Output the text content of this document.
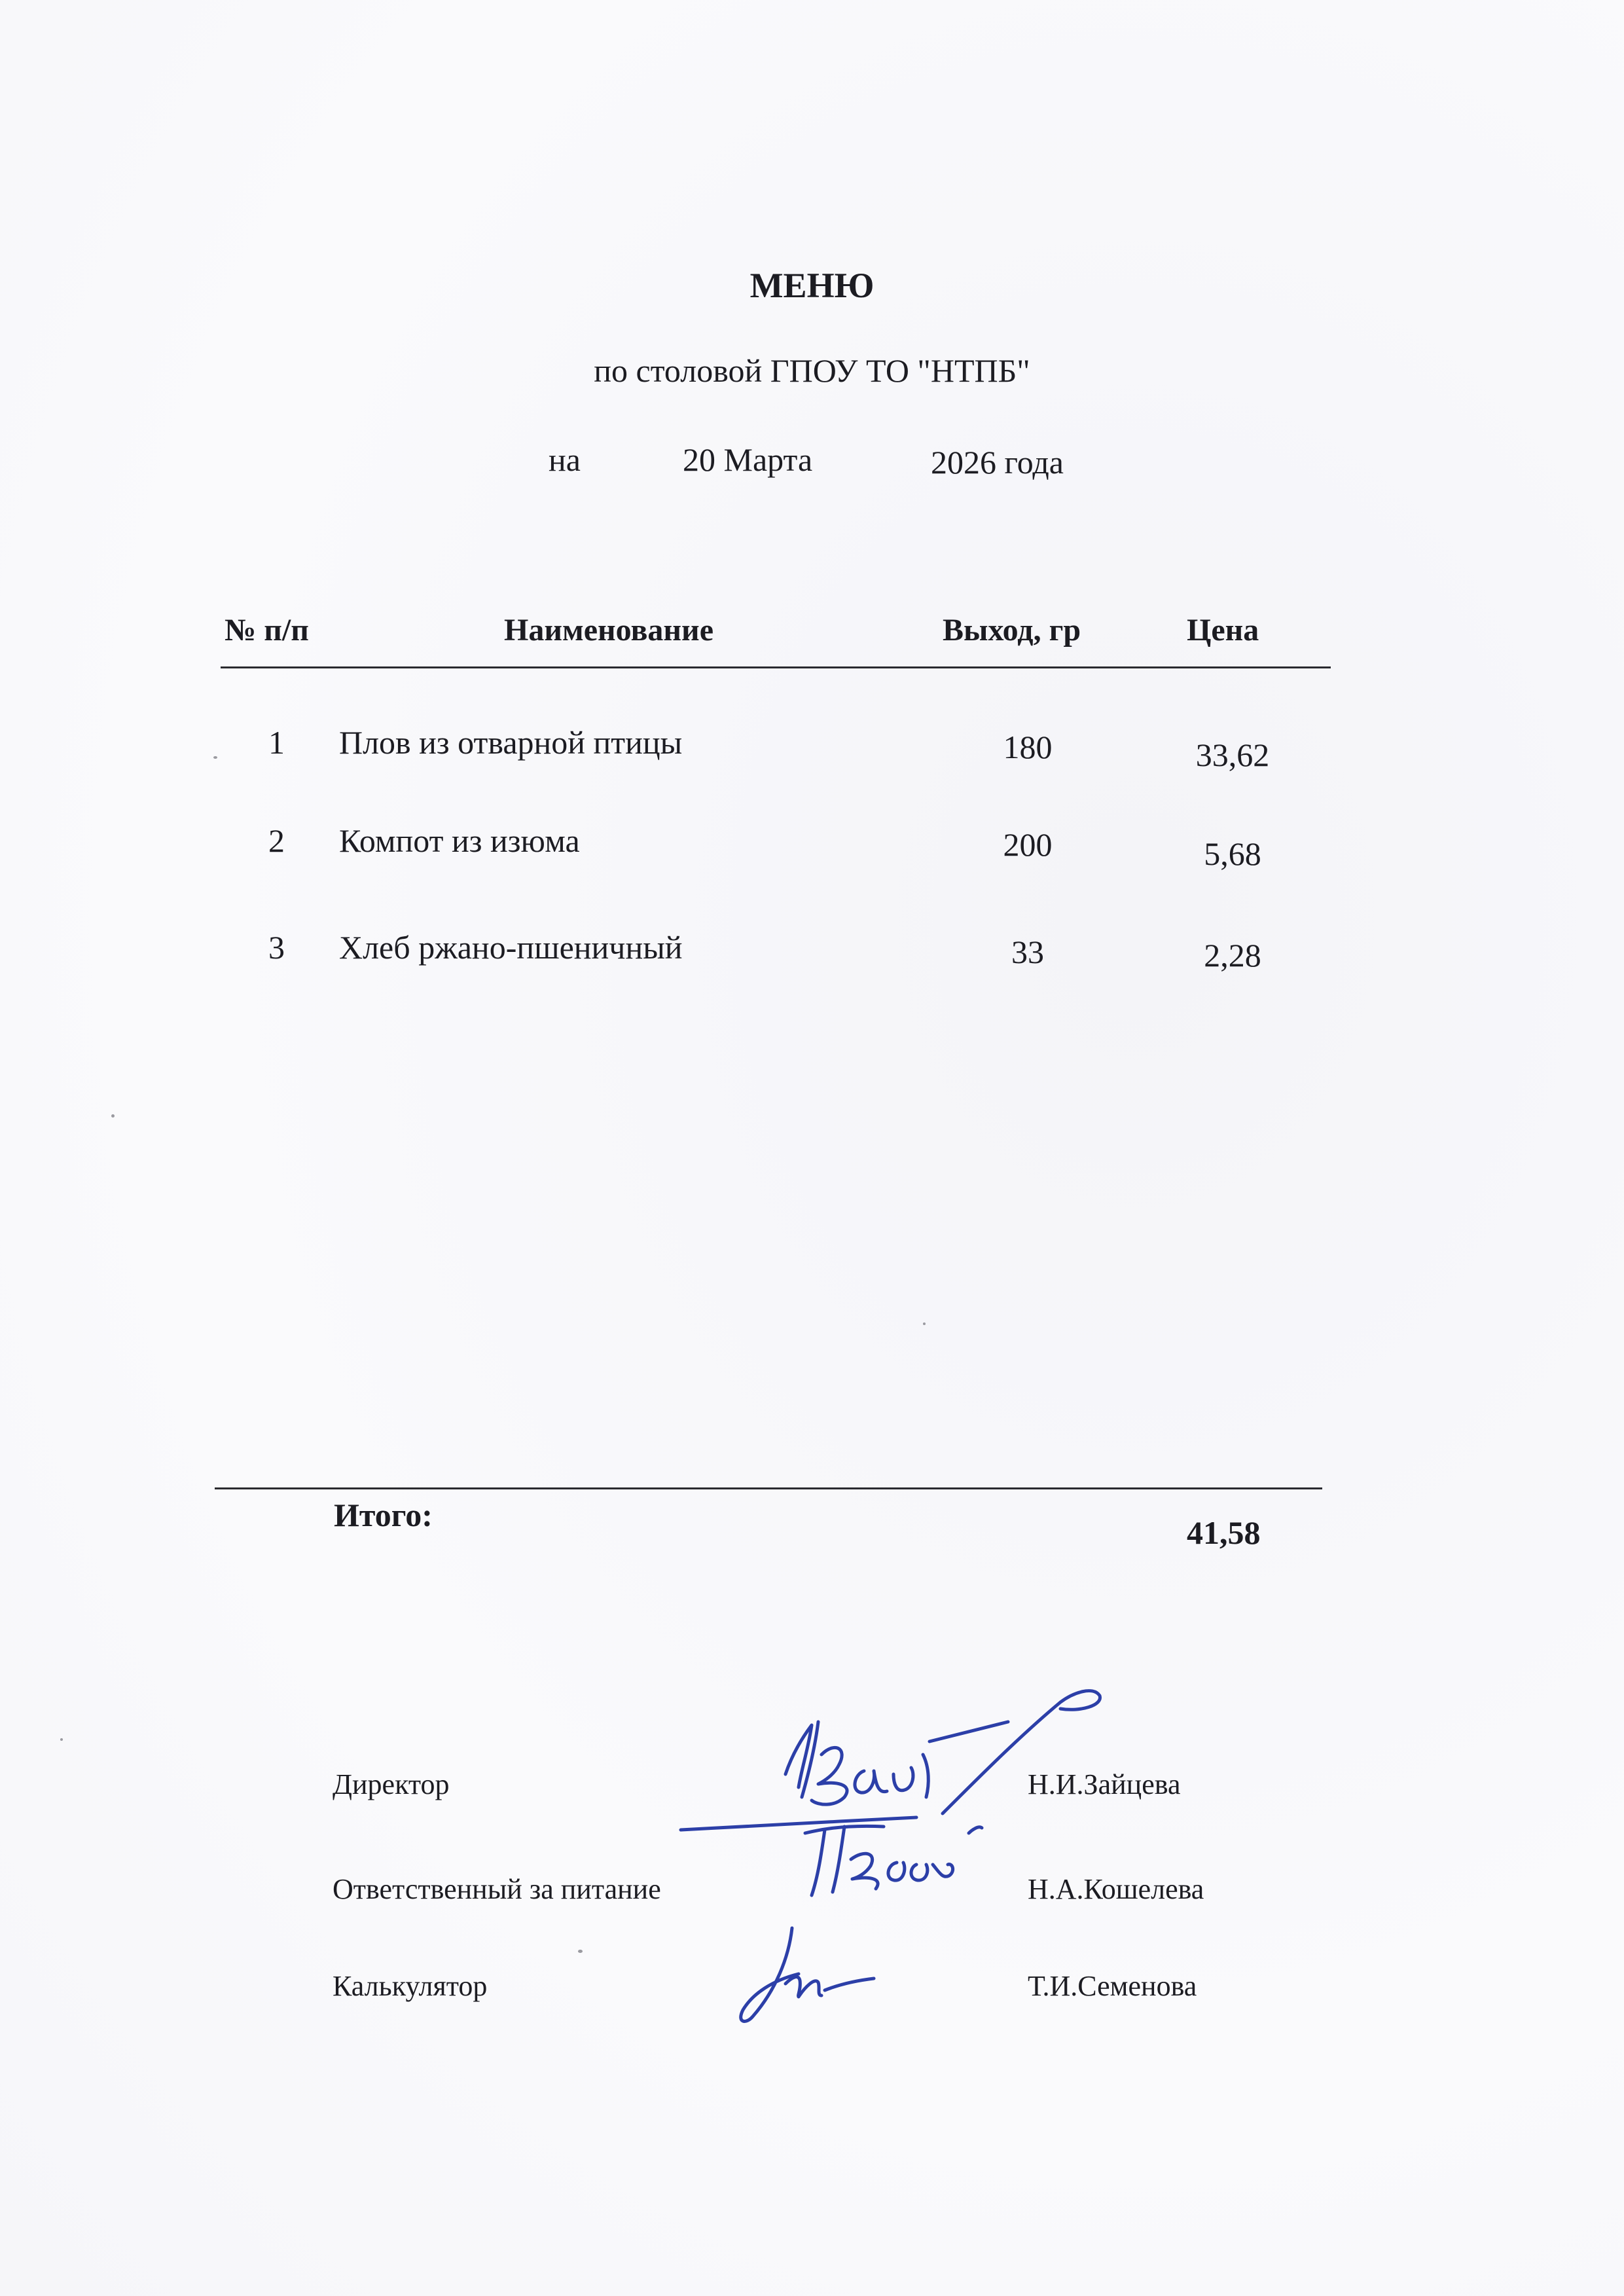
МЕНЮ
по столовой ГПОУ ТО "НТПБ"
на	20 Марта	2026 года
№ п/п	Наименование	Выход, гр	Цена
1 Плов из отварной птицы	180	33,62
2 Компот из изюма	200	5,68
3 Хлеб ржано-пшеничный	33	2,28
Итого:	41,58
Директор	Н.И.Зайцева
Ответственный за питание	Н.А.Кошелева
Калькулятор	Т.И.Семенова
